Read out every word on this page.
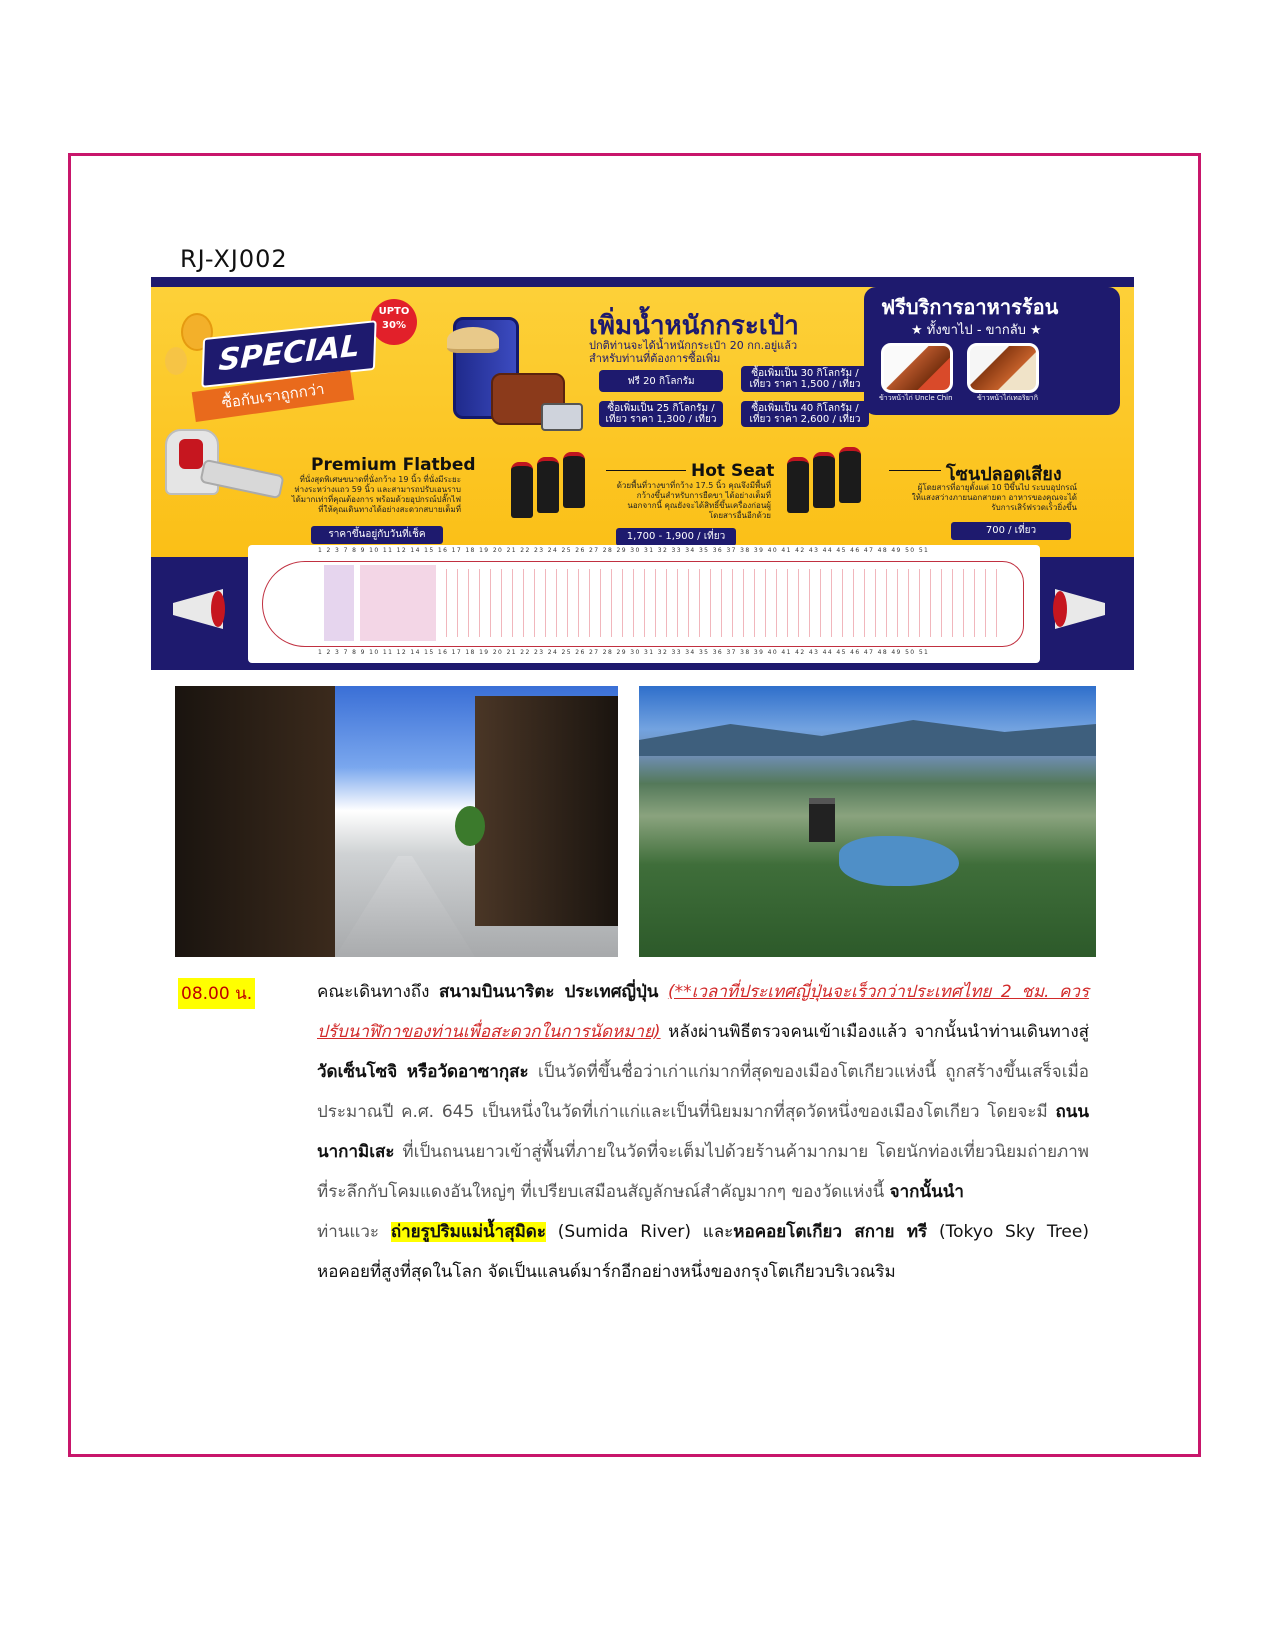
RJ-XJ002
UPTO 30%
SPECIAL
ซื้อกับเราถูกกว่า
เพิ่มน้ำหนักกระเป๋า
ปกติท่านจะได้น้ำหนักกระเป๋า 20 กก.อยู่แล้ว สำหรับท่านที่ต้องการซื้อเพิ่ม
ฟรี 20 กิโลกรัม
ซื้อเพิ่มเป็น 30 กิโลกรัม / เที่ยว ราคา 1,500 / เที่ยว
ซื้อเพิ่มเป็น 25 กิโลกรัม / เที่ยว ราคา 1,300 / เที่ยว
ซื้อเพิ่มเป็น 40 กิโลกรัม / เที่ยว ราคา 2,600 / เที่ยว
ฟรีบริการอาหารร้อน
★ ทั้งขาไป - ขากลับ ★
ข้าวหน้าไก่ Uncle Chin	ข้าวหน้าไก่เทอริยากิ
Premium Flatbed
ที่นั่งสุดพิเศษขนาดที่นั่งกว้าง 19 นิ้ว ที่นั่งมีระยะห่างระหว่างแถว 59 นิ้ว และสามารถปรับเอนราบได้มากเท่าที่คุณต้องการ พร้อมด้วยอุปกรณ์ปลั๊กไฟ ที่ให้คุณเดินทางได้อย่างสะดวกสบายเต็มที่
ราคาขึ้นอยู่กับวันที่เช็ค
Hot Seat
ด้วยพื้นที่วางขาที่กว้าง 17.5 นิ้ว คุณจึงมีพื้นที่กว้างขึ้นสำหรับการยืดขา ได้อย่างเต็มที่ นอกจากนี้ คุณยังจะได้สิทธิ์ขึ้นเครื่องก่อนผู้โดยสารอื่นอีกด้วย
1,700 - 1,900 / เที่ยว
โซนปลอดเสียง
ผู้โดยสารที่อายุตั้งแต่ 10 ปีขึ้นไป ระบบอุปกรณ์ให้แสงสว่างภายนอกสายตา อาหารของคุณจะได้รับการเสิร์ฟรวดเร็วยิ่งขึ้น
700 / เที่ยว
1 2 3 7 8 9 10 11 12 14 15 16 17 18 19 20 21 22 23 24 25 26 27 28 29 30 31 32 33 34 35 36 37 38 39 40 41 42 43 44 45 46 47 48 49 50 51
1 2 3 7 8 9 10 11 12 14 15 16 17 18 19 20 21 22 23 24 25 26 27 28 29 30 31 32 33 34 35 36 37 38 39 40 41 42 43 44 45 46 47 48 49 50 51
08.00 น.	คณะเดินทางถึง สนามบินนาริตะ ประเทศญี่ปุ่น (**เวลาที่ประเทศญี่ปุ่นจะเร็วกว่าประเทศไทย 2 ชม. ควรปรับนาฬิกาของท่านเพื่อสะดวกในการนัดหมาย) หลังผ่านพิธีตรวจคนเข้าเมืองแล้ว จากนั้นนำท่านเดินทางสู่ วัดเซ็นโซจิ หรือวัดอาซากุสะ เป็นวัดที่ขึ้นชื่อว่าเก่าแก่มากที่สุดของเมืองโตเกียวแห่งนี้ ถูกสร้างขึ้นเสร็จเมื่อประมาณปี ค.ศ. 645 เป็นหนึ่งในวัดที่เก่าแก่และเป็นที่นิยมมากที่สุดวัดหนึ่งของเมืองโตเกียว โดยจะมี ถนนนากามิเสะ ที่เป็นถนนยาวเข้าสู่พื้นที่ภายในวัดที่จะเต็มไปด้วยร้านค้ามากมาย โดยนักท่องเที่ยวนิยมถ่ายภาพที่ระลึกกับโคมแดงอันใหญ่ๆ ที่เปรียบเสมือนสัญลักษณ์สำคัญมากๆ ของวัดแห่งนี้ จากนั้นนำ
ท่านแวะ ถ่ายรูปริมแม่น้ำสุมิดะ (Sumida River) และหอคอยโตเกียว สกาย ทรี (Tokyo Sky Tree) หอคอยที่สูงที่สุดในโลก จัดเป็นแลนด์มาร์กอีกอย่างหนึ่งของกรุงโตเกียวบริเวณริม
